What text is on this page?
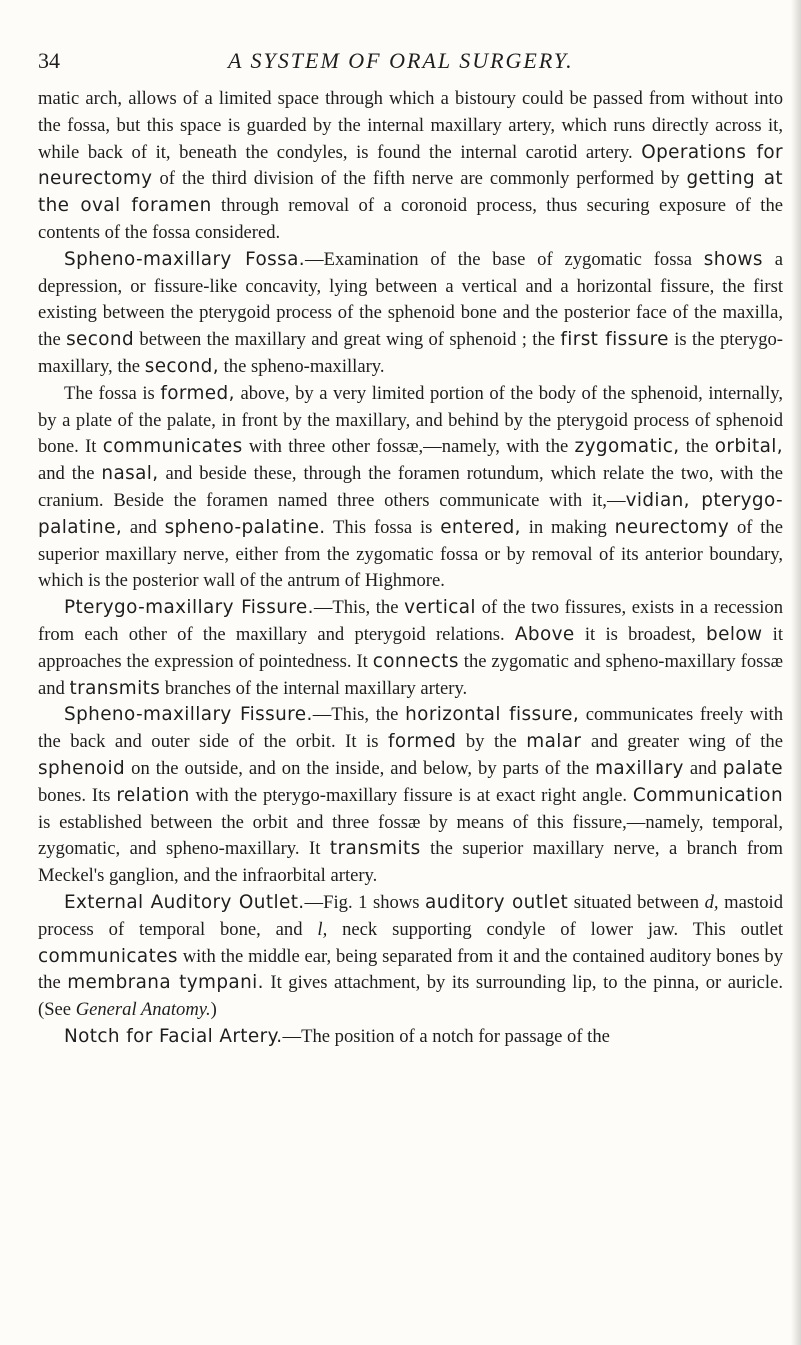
34	A SYSTEM OF ORAL SURGERY.

matic arch, allows of a limited space through which a bistoury could be passed from without into the fossa, but this space is guarded by the internal maxillary artery, which runs directly across it, while back of it, beneath the condyles, is found the internal carotid artery. Operations for neurectomy of the third division of the fifth nerve are commonly performed by getting at the oval foramen through removal of a coronoid process, thus securing exposure of the contents of the fossa considered.

Spheno-maxillary Fossa.—Examination of the base of zygomatic fossa shows a depression, or fissure-like concavity, lying between a vertical and a horizontal fissure, the first existing between the pterygoid process of the sphenoid bone and the posterior face of the maxilla, the second between the maxillary and great wing of sphenoid ; the first fissure is the pterygo-maxillary, the second, the spheno-maxillary.

The fossa is formed, above, by a very limited portion of the body of the sphenoid, internally, by a plate of the palate, in front by the maxillary, and behind by the pterygoid process of sphenoid bone. It communicates with three other fossæ,—namely, with the zygomatic, the orbital, and the nasal, and beside these, through the foramen rotundum, which relate the two, with the cranium. Beside the foramen named three others communicate with it,—vidian, pterygo-palatine, and spheno-palatine. This fossa is entered, in making neurectomy of the superior maxillary nerve, either from the zygomatic fossa or by removal of its anterior boundary, which is the posterior wall of the antrum of Highmore.

Pterygo-maxillary Fissure.—This, the vertical of the two fissures, exists in a recession from each other of the maxillary and pterygoid relations. Above it is broadest, below it approaches the expression of pointedness. It connects the zygomatic and spheno-maxillary fossæ and transmits branches of the internal maxillary artery.

Spheno-maxillary Fissure.—This, the horizontal fissure, communicates freely with the back and outer side of the orbit. It is formed by the malar and greater wing of the sphenoid on the outside, and on the inside, and below, by parts of the maxillary and palate bones. Its relation with the pterygo-maxillary fissure is at exact right angle. Communication is established between the orbit and three fossæ by means of this fissure,—namely, temporal, zygomatic, and spheno-maxillary. It transmits the superior maxillary nerve, a branch from Meckel's ganglion, and the infraorbital artery.

External Auditory Outlet.—Fig. 1 shows auditory outlet situated between d, mastoid process of temporal bone, and l, neck supporting condyle of lower jaw. This outlet communicates with the middle ear, being separated from it and the contained auditory bones by the membrana tympani. It gives attachment, by its surrounding lip, to the pinna, or auricle. (See General Anatomy.)

Notch for Facial Artery.—The position of a notch for passage of the
